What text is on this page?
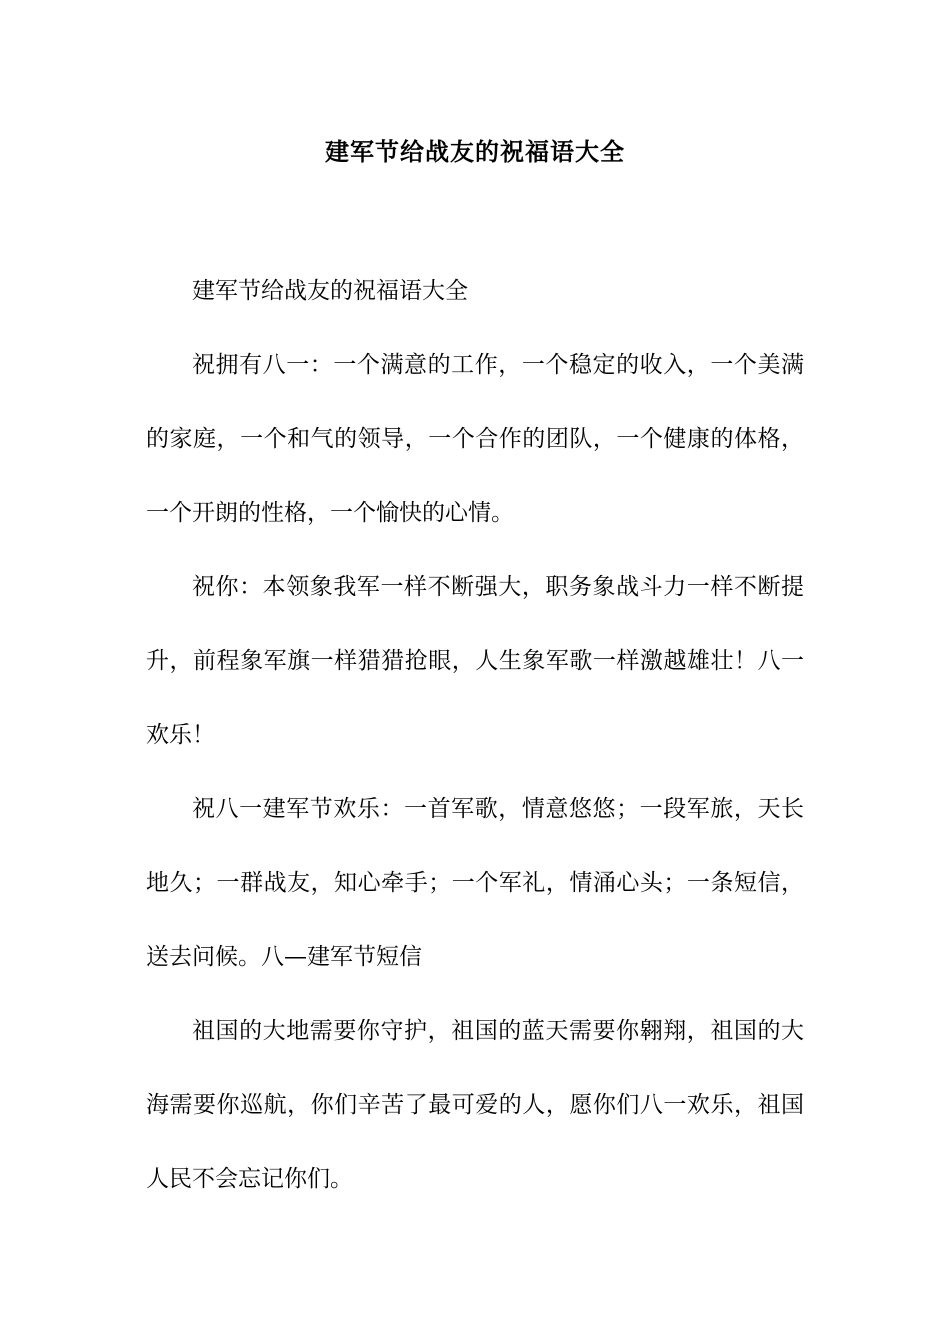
建军节给战友的祝福语大全

建军节给战友的祝福语大全

祝拥有八一：一个满意的工作，一个稳定的收入，一个美满的家庭，一个和气的领导，一个合作的团队，一个健康的体格，一个开朗的性格，一个愉快的心情。

祝你：本领象我军一样不断强大，职务象战斗力一样不断提升，前程象军旗一样猎猎抢眼，人生象军歌一样激越雄壮！八一欢乐！

祝八一建军节欢乐：一首军歌，情意悠悠；一段军旅，天长地久；一群战友，知心牵手；一个军礼，情涌心头；一条短信，送去问候。八—建军节短信

祖国的大地需要你守护，祖国的蓝天需要你翱翔，祖国的大海需要你巡航，你们辛苦了最可爱的人，愿你们八一欢乐，祖国人民不会忘记你们。
